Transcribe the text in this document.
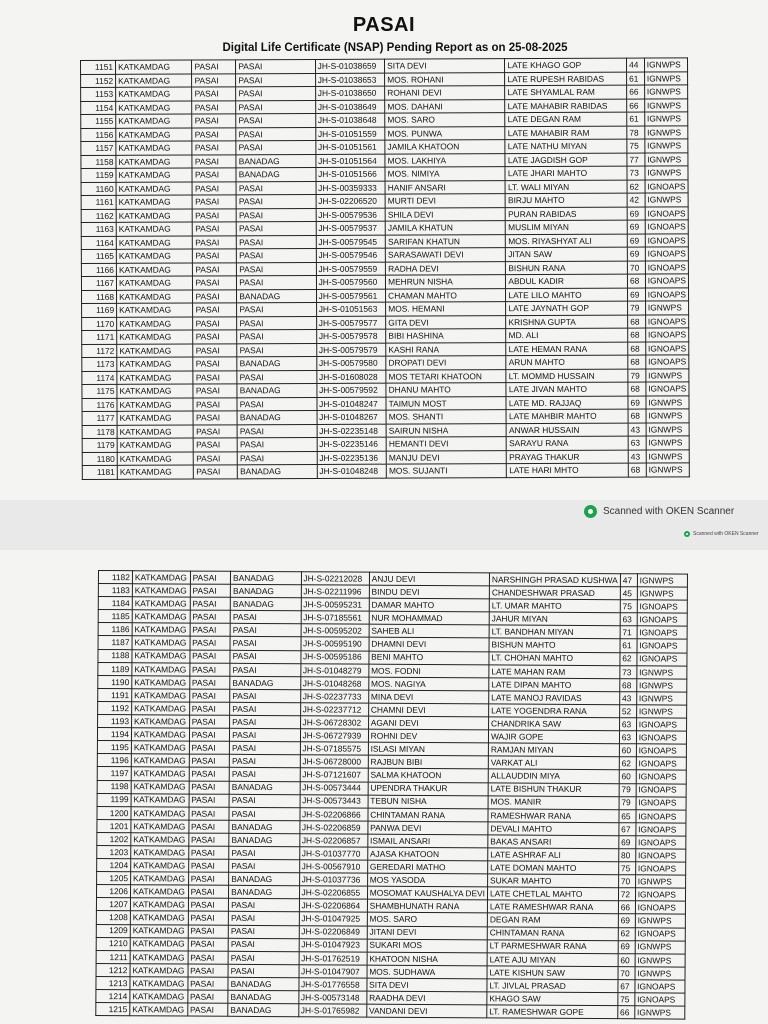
PASAI
Digital Life Certificate (NSAP) Pending Report as on 25-08-2025
1151	KATKAMDAG	PASAI	PASAI	JH-S-01038659	SITA DEVI	LATE KHAGO GOP	44	IGNWPS
1152	KATKAMDAG	PASAI	PASAI	JH-S-01038653	MOS. ROHANI	LATE RUPESH RABIDAS	61	IGNWPS
1153	KATKAMDAG	PASAI	PASAI	JH-S-01038650	ROHANI DEVI	LATE SHYAMLAL RAM	66	IGNWPS
1154	KATKAMDAG	PASAI	PASAI	JH-S-01038649	MOS. DAHANI	LATE MAHABIR RABIDAS	66	IGNWPS
1155	KATKAMDAG	PASAI	PASAI	JH-S-01038648	MOS. SARO	LATE DEGAN RAM	61	IGNWPS
1156	KATKAMDAG	PASAI	PASAI	JH-S-01051559	MOS. PUNWA	LATE MAHABIR RAM	78	IGNWPS
1157	KATKAMDAG	PASAI	PASAI	JH-S-01051561	JAMILA KHATOON	LATE NATHU MIYAN	75	IGNWPS
1158	KATKAMDAG	PASAI	BANADAG	JH-S-01051564	MOS. LAKHIYA	LATE JAGDISH GOP	77	IGNWPS
1159	KATKAMDAG	PASAI	BANADAG	JH-S-01051566	MOS. NIMIYA	LATE JHARI MAHTO	73	IGNWPS
1160	KATKAMDAG	PASAI	PASAI	JH-S-00359333	HANIF ANSARI	LT. WALI MIYAN	62	IGNOAPS
1161	KATKAMDAG	PASAI	PASAI	JH-S-02206520	MURTI DEVI	BIRJU MAHTO	42	IGNWPS
1162	KATKAMDAG	PASAI	PASAI	JH-S-00579536	SHILA DEVI	PURAN RABIDAS	69	IGNOAPS
1163	KATKAMDAG	PASAI	PASAI	JH-S-00579537	JAMILA KHATUN	MUSLIM MIYAN	69	IGNOAPS
1164	KATKAMDAG	PASAI	PASAI	JH-S-00579545	SARIFAN KHATUN	MOS. RIYASHYAT ALI	69	IGNOAPS
1165	KATKAMDAG	PASAI	PASAI	JH-S-00579546	SARASAWATI DEVI	JITAN SAW	69	IGNOAPS
1166	KATKAMDAG	PASAI	PASAI	JH-S-00579559	RADHA DEVI	BISHUN RANA	70	IGNOAPS
1167	KATKAMDAG	PASAI	PASAI	JH-S-00579560	MEHRUN NISHA	ABDUL KADIR	68	IGNOAPS
1168	KATKAMDAG	PASAI	BANADAG	JH-S-00579561	CHAMAN MAHTO	LATE LILO MAHTO	69	IGNOAPS
1169	KATKAMDAG	PASAI	PASAI	JH-S-01051563	MOS. HEMANI	LATE JAYNATH GOP	79	IGNWPS
1170	KATKAMDAG	PASAI	PASAI	JH-S-00579577	GITA DEVI	KRISHNA GUPTA	68	IGNOAPS
1171	KATKAMDAG	PASAI	PASAI	JH-S-00579578	BIBI HASHINA	MD. ALI	68	IGNOAPS
1172	KATKAMDAG	PASAI	PASAI	JH-S-00579579	KASHI RANA	LATE HEMAN RANA	68	IGNOAPS
1173	KATKAMDAG	PASAI	BANADAG	JH-S-00579580	DROPATI DEVI	ARUN MAHTO	68	IGNOAPS
1174	KATKAMDAG	PASAI	PASAI	JH-S-01608028	MOS TETARI KHATOON	LT. MOMMD HUSSAIN	79	IGNWPS
1175	KATKAMDAG	PASAI	BANADAG	JH-S-00579592	DHANU MAHTO	LATE JIVAN MAHTO	68	IGNOAPS
1176	KATKAMDAG	PASAI	PASAI	JH-S-01048247	TAIMUN MOST	LATE MD. RAJJAQ	69	IGNWPS
1177	KATKAMDAG	PASAI	BANADAG	JH-S-01048267	MOS. SHANTI	LATE MAHBIR MAHTO	68	IGNWPS
1178	KATKAMDAG	PASAI	PASAI	JH-S-02235148	SAIRUN NISHA	ANWAR HUSSAIN	43	IGNWPS
1179	KATKAMDAG	PASAI	PASAI	JH-S-02235146	HEMANTI DEVI	SARAYU RANA	63	IGNWPS
1180	KATKAMDAG	PASAI	PASAI	JH-S-02235136	MANJU DEVI	PRAYAG THAKUR	43	IGNWPS
1181	KATKAMDAG	PASAI	BANADAG	JH-S-01048248	MOS. SUJANTI	LATE HARI MHTO	68	IGNWPS
Scanned with OKEN Scanner
Scanned with OKEN Scanner
1182	KATKAMDAG	PASAI	BANADAG	JH-S-02212028	ANJU DEVI	NARSHINGH PRASAD KUSHWA	47	IGNWPS
1183	KATKAMDAG	PASAI	BANADAG	JH-S-02211996	BINDU DEVI	CHANDESHWAR PRASAD	45	IGNWPS
1184	KATKAMDAG	PASAI	BANADAG	JH-S-00595231	DAMAR MAHTO	LT. UMAR MAHTO	75	IGNOAPS
1185	KATKAMDAG	PASAI	PASAI	JH-S-07185561	NUR MOHAMMAD	JAHUR MIYAN	63	IGNOAPS
1186	KATKAMDAG	PASAI	PASAI	JH-S-00595202	SAHEB ALI	LT. BANDHAN MIYAN	71	IGNOAPS
1187	KATKAMDAG	PASAI	PASAI	JH-S-00595190	DHAMNI DEVI	BISHUN MAHTO	61	IGNOAPS
1188	KATKAMDAG	PASAI	PASAI	JH-S-00595186	BENI MAHTO	LT. CHOHAN MAHTO	62	IGNOAPS
1189	KATKAMDAG	PASAI	PASAI	JH-S-01048279	MOS. FODNI	LATE MAHAN RAM	73	IGNWPS
1190	KATKAMDAG	PASAI	BANADAG	JH-S-01048268	MOS. NAGIYA	LATE DIPAN MAHTO	68	IGNWPS
1191	KATKAMDAG	PASAI	PASAI	JH-S-02237733	MINA DEVI	LATE MANOJ RAVIDAS	43	IGNWPS
1192	KATKAMDAG	PASAI	PASAI	JH-S-02237712	CHAMNI DEVI	LATE YOGENDRA RANA	52	IGNWPS
1193	KATKAMDAG	PASAI	PASAI	JH-S-06728302	AGANI DEVI	CHANDRIKA SAW	63	IGNOAPS
1194	KATKAMDAG	PASAI	PASAI	JH-S-06727939	ROHNI DEV	WAJIR GOPE	63	IGNOAPS
1195	KATKAMDAG	PASAI	PASAI	JH-S-07185575	ISLASI MIYAN	RAMJAN MIYAN	60	IGNOAPS
1196	KATKAMDAG	PASAI	PASAI	JH-S-06728000	RAJBUN BIBI	VARKAT ALI	62	IGNOAPS
1197	KATKAMDAG	PASAI	PASAI	JH-S-07121607	SALMA KHATOON	ALLAUDDIN MIYA	60	IGNOAPS
1198	KATKAMDAG	PASAI	BANADAG	JH-S-00573444	UPENDRA THAKUR	LATE BISHUN THAKUR	79	IGNOAPS
1199	KATKAMDAG	PASAI	PASAI	JH-S-00573443	TEBUN NISHA	MOS. MANIR	79	IGNOAPS
1200	KATKAMDAG	PASAI	PASAI	JH-S-02206866	CHINTAMAN RANA	RAMESHWAR RANA	65	IGNOAPS
1201	KATKAMDAG	PASAI	BANADAG	JH-S-02206859	PANWA DEVI	DEVALI MAHTO	67	IGNOAPS
1202	KATKAMDAG	PASAI	BANADAG	JH-S-02206857	ISMAIL ANSARI	BAKAS ANSARI	69	IGNOAPS
1203	KATKAMDAG	PASAI	PASAI	JH-S-01037770	AJASA KHATOON	LATE ASHRAF ALI	80	IGNOAPS
1204	KATKAMDAG	PASAI	PASAI	JH-S-00567910	GEREDARI MATHO	LATE DOMAN MAHTO	75	IGNOAPS
1205	KATKAMDAG	PASAI	BANADAG	JH-S-01037736	MOS YASODA	SUKAR MAHTO	70	IGNWPS
1206	KATKAMDAG	PASAI	BANADAG	JH-S-02206855	MOSOMAT KAUSHALYA DEVI	LATE CHETLAL MAHTO	72	IGNOAPS
1207	KATKAMDAG	PASAI	PASAI	JH-S-02206864	SHAMBHUNATH RANA	LATE RAMESHWAR RANA	66	IGNOAPS
1208	KATKAMDAG	PASAI	PASAI	JH-S-01047925	MOS. SARO	DEGAN RAM	69	IGNWPS
1209	KATKAMDAG	PASAI	PASAI	JH-S-02206849	JITANI DEVI	CHINTAMAN RANA	62	IGNOAPS
1210	KATKAMDAG	PASAI	PASAI	JH-S-01047923	SUKARI MOS	LT PARMESHWAR RANA	69	IGNWPS
1211	KATKAMDAG	PASAI	PASAI	JH-S-01762519	KHATOON NISHA	LATE AJU MIYAN	60	IGNWPS
1212	KATKAMDAG	PASAI	PASAI	JH-S-01047907	MOS. SUDHAWA	LATE KISHUN SAW	70	IGNWPS
1213	KATKAMDAG	PASAI	BANADAG	JH-S-01776558	SITA DEVI	LT. JIVLAL PRASAD	67	IGNOAPS
1214	KATKAMDAG	PASAI	BANADAG	JH-S-00573148	RAADHA DEVI	KHAGO SAW	75	IGNOAPS
1215	KATKAMDAG	PASAI	BANADAG	JH-S-01765982	VANDANI DEVI	LT. RAMESHWAR GOPE	66	IGNWPS
